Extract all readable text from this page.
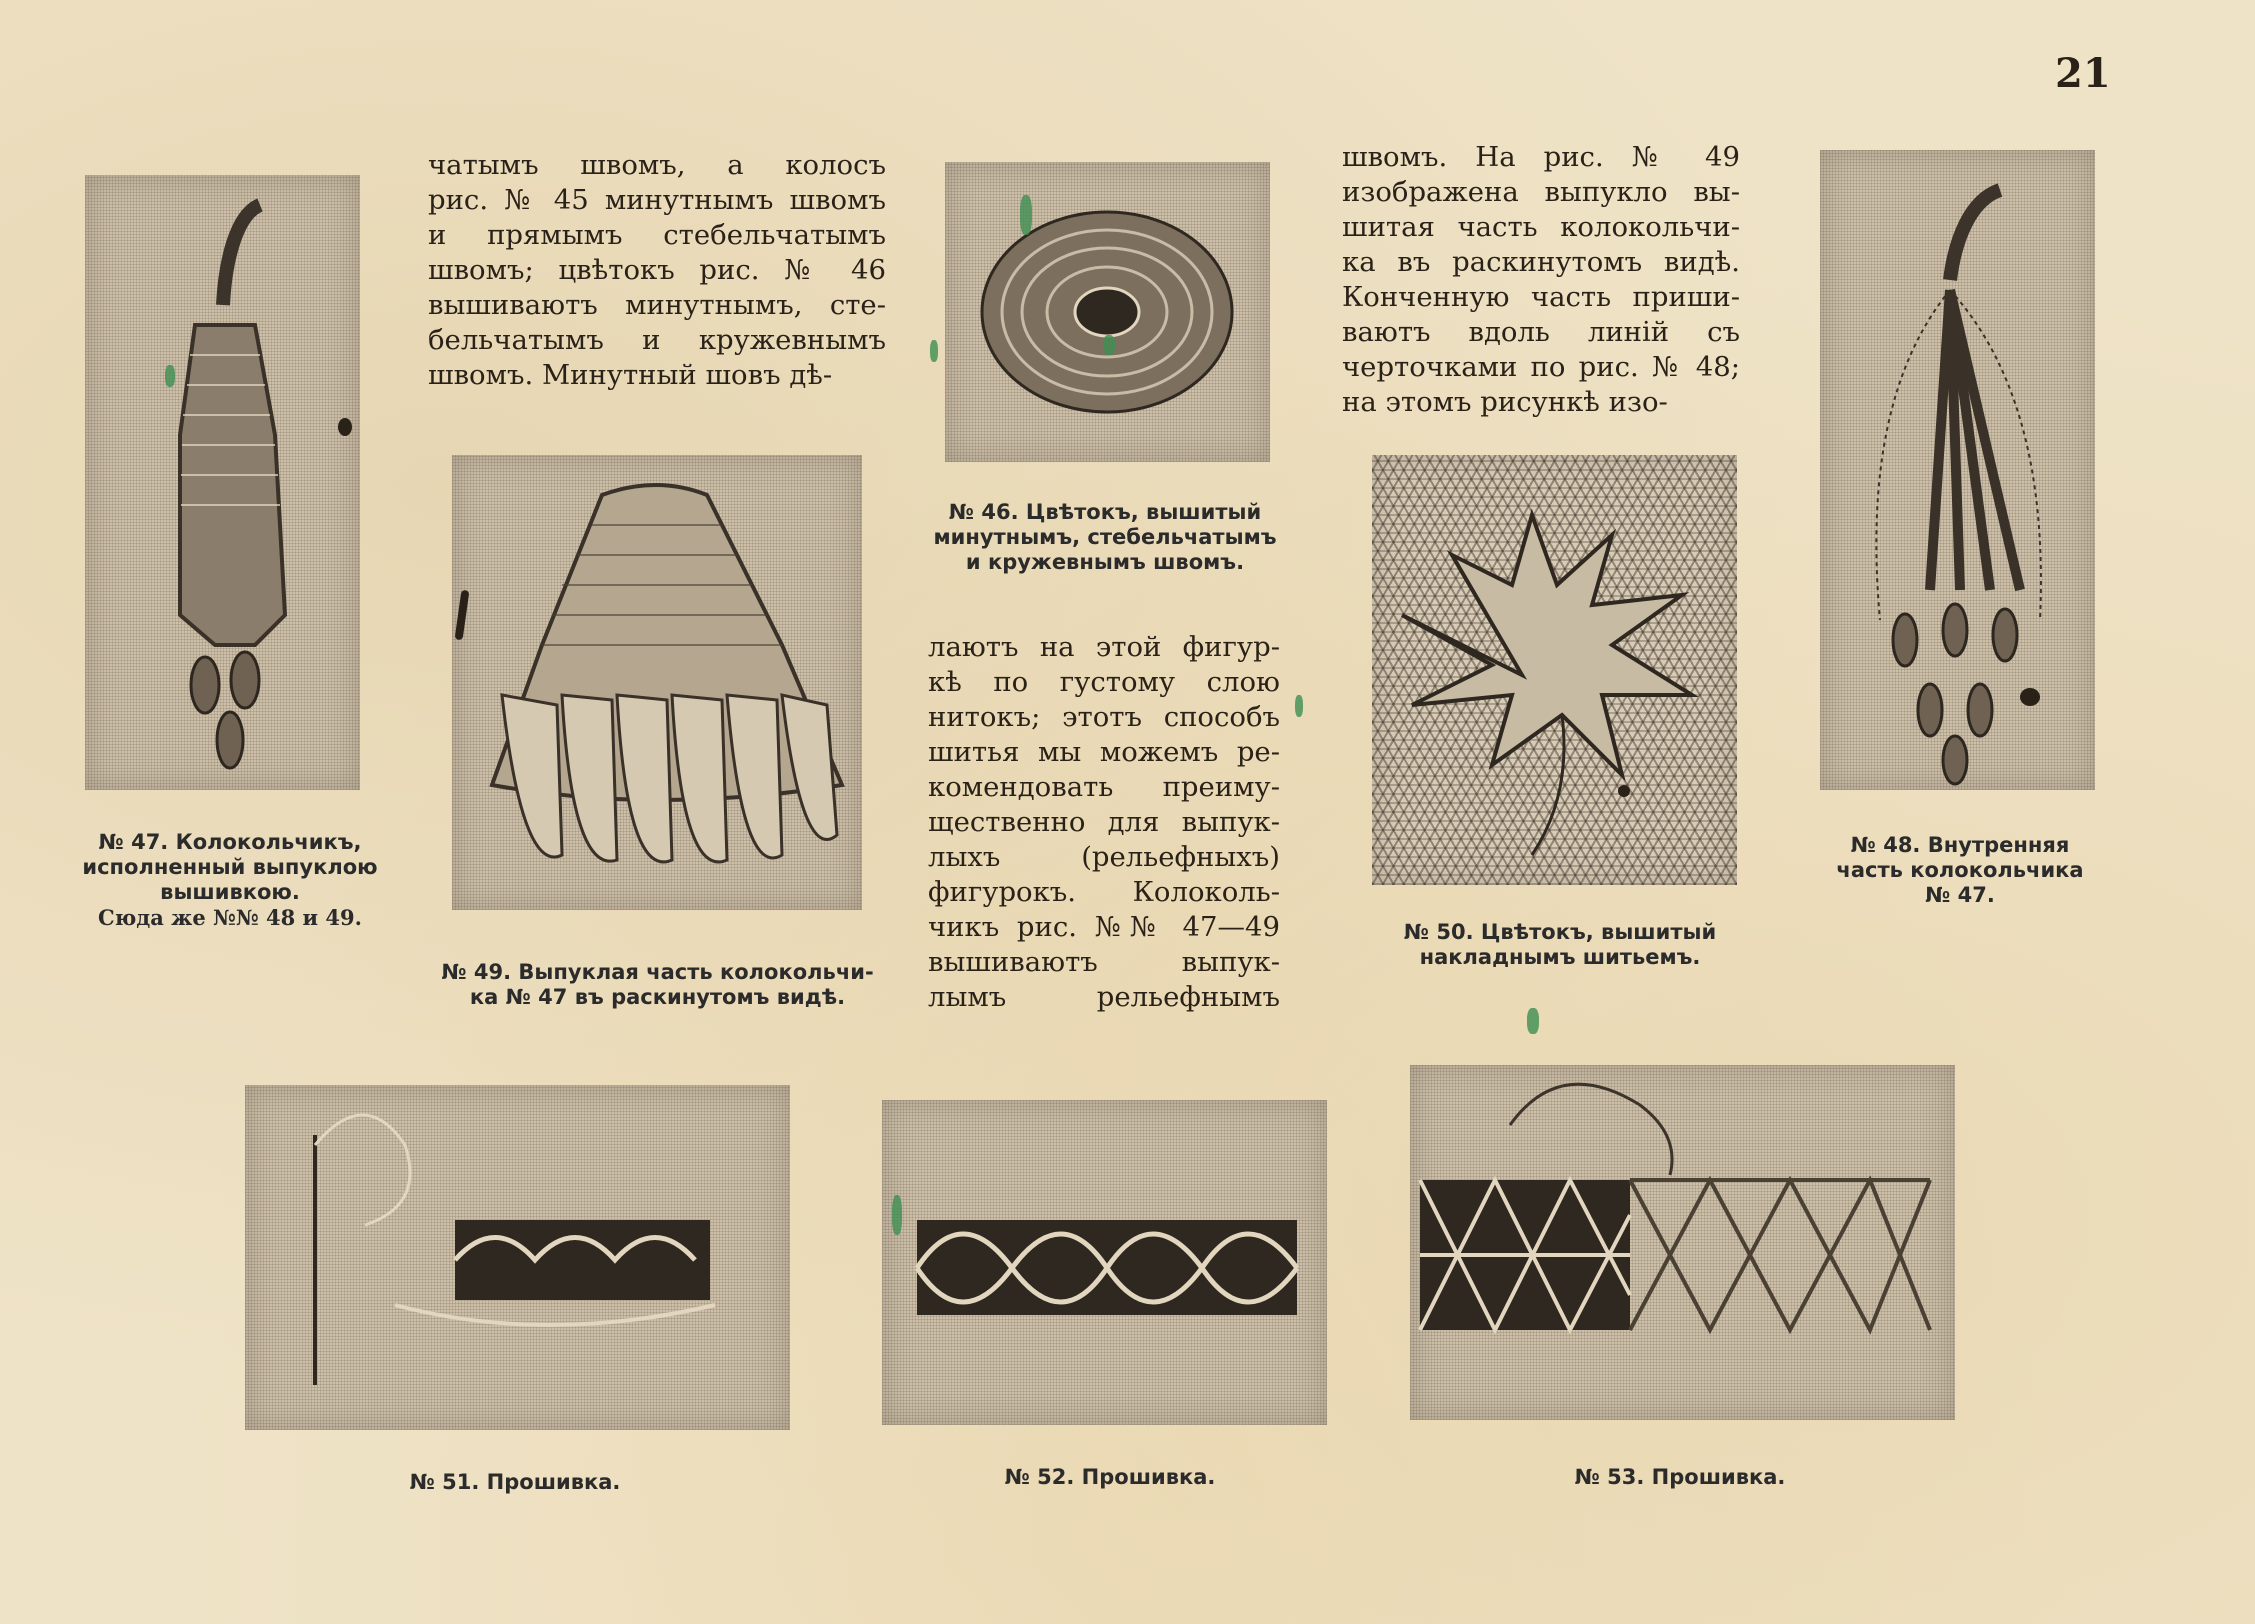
21
№ 47. Колокольчикъ,
исполненный выпуклою
вышивкою.
Сюда же №№ 48 и 49.
чатымъ швомъ, а колосъ
рис. № 45 минутнымъ швомъ
и прямымъ стебельчатымъ
швомъ; цвѣтокъ рис. № 46
вышиваютъ минутнымъ, сте-
бельчатымъ и кружевнымъ
швомъ. Минутный шовъ дѣ-
№ 49. Выпуклая часть колокольчи-
ка № 47 въ раскинутомъ видѣ.
№ 46. Цвѣтокъ, вышитый
минутнымъ, стебельчатымъ
и кружевнымъ швомъ.
лаютъ на этой фигур-
кѣ по густому слою
нитокъ; этотъ способъ
шитья мы можемъ ре-
комендовать преиму-
щественно для выпук-
лыхъ (рельефныхъ)
фигурокъ. Колоколь-
чикъ рис. №№ 47—49
вышиваютъ выпук-
лымъ рельефнымъ
швомъ. На рис. № 49
изображена выпукло вы-
шитая часть колокольчи-
ка въ раскинутомъ видѣ.
Конченную часть приши-
ваютъ вдоль линій съ
черточками по рис. № 48;
на этомъ рисункѣ изо-
№ 50. Цвѣтокъ, вышитый
накладнымъ шитьемъ.
№ 48. Внутренняя
часть колокольчика
№ 47.
№ 51. Прошивка.	№ 52. Прошивка.	№ 53. Прошивка.
